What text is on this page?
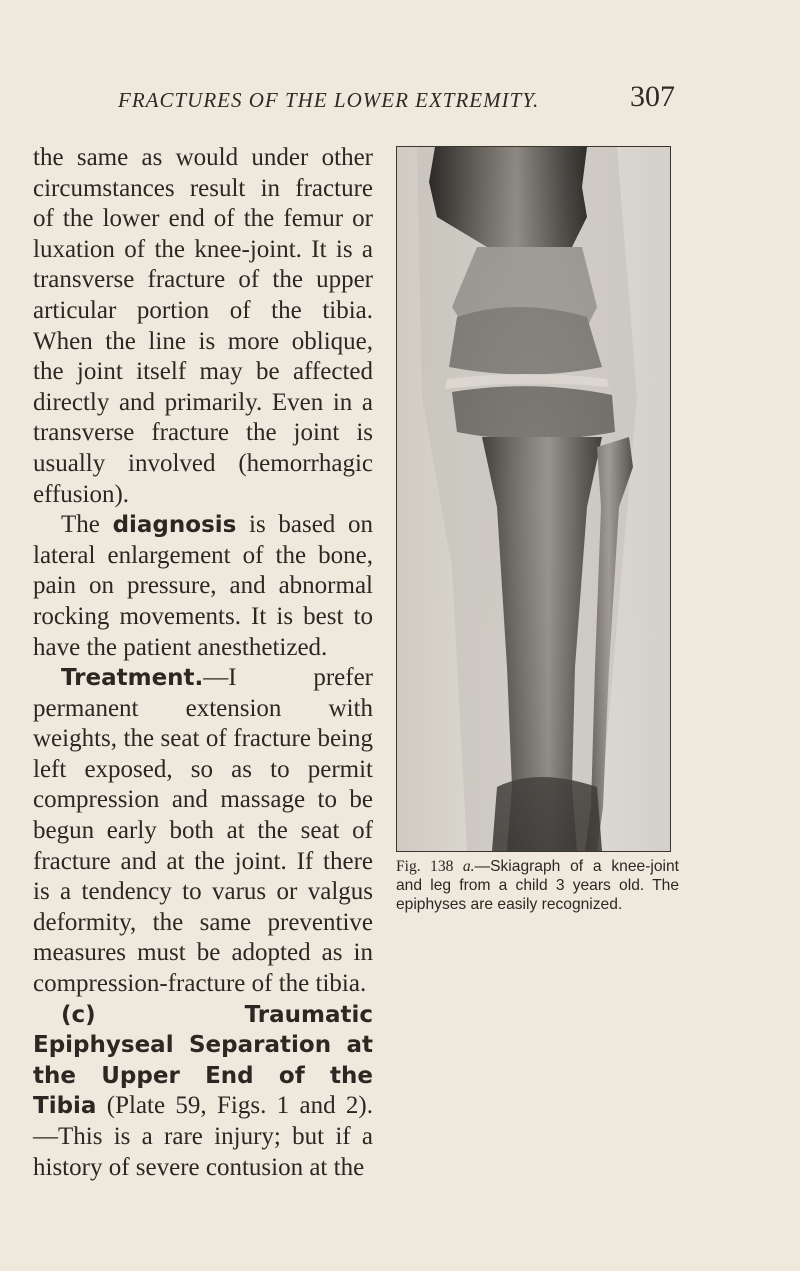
FRACTURES OF THE LOWER EXTREMITY.	307

the same as would under other circumstances result in fracture of the lower end of the femur or luxation of the knee-joint. It is a transverse fracture of the upper articular portion of the tibia. When the line is more oblique, the joint itself may be affected directly and primarily. Even in a transverse fracture the joint is usually involved (hemorrhagic effusion).

The diagnosis is based on lateral enlargement of the bone, pain on pressure, and abnormal rocking movements. It is best to have the patient anesthetized.

Treatment.—I prefer permanent extension with weights, the seat of fracture being left exposed, so as to permit compression and massage to be begun early both at the seat of fracture and at the joint. If there is a tendency to varus or valgus deformity, the same preventive measures must be adopted as in compression-fracture of the tibia.

(c) Traumatic Epiphyseal Separation at the Upper End of the Tibia (Plate 59, Figs. 1 and 2).—This is a rare injury; but if a history of severe contusion at the

Fig. 138 a.—Skiagraph of a knee-joint and leg from a child 3 years old. The epiphyses are easily recognized.
